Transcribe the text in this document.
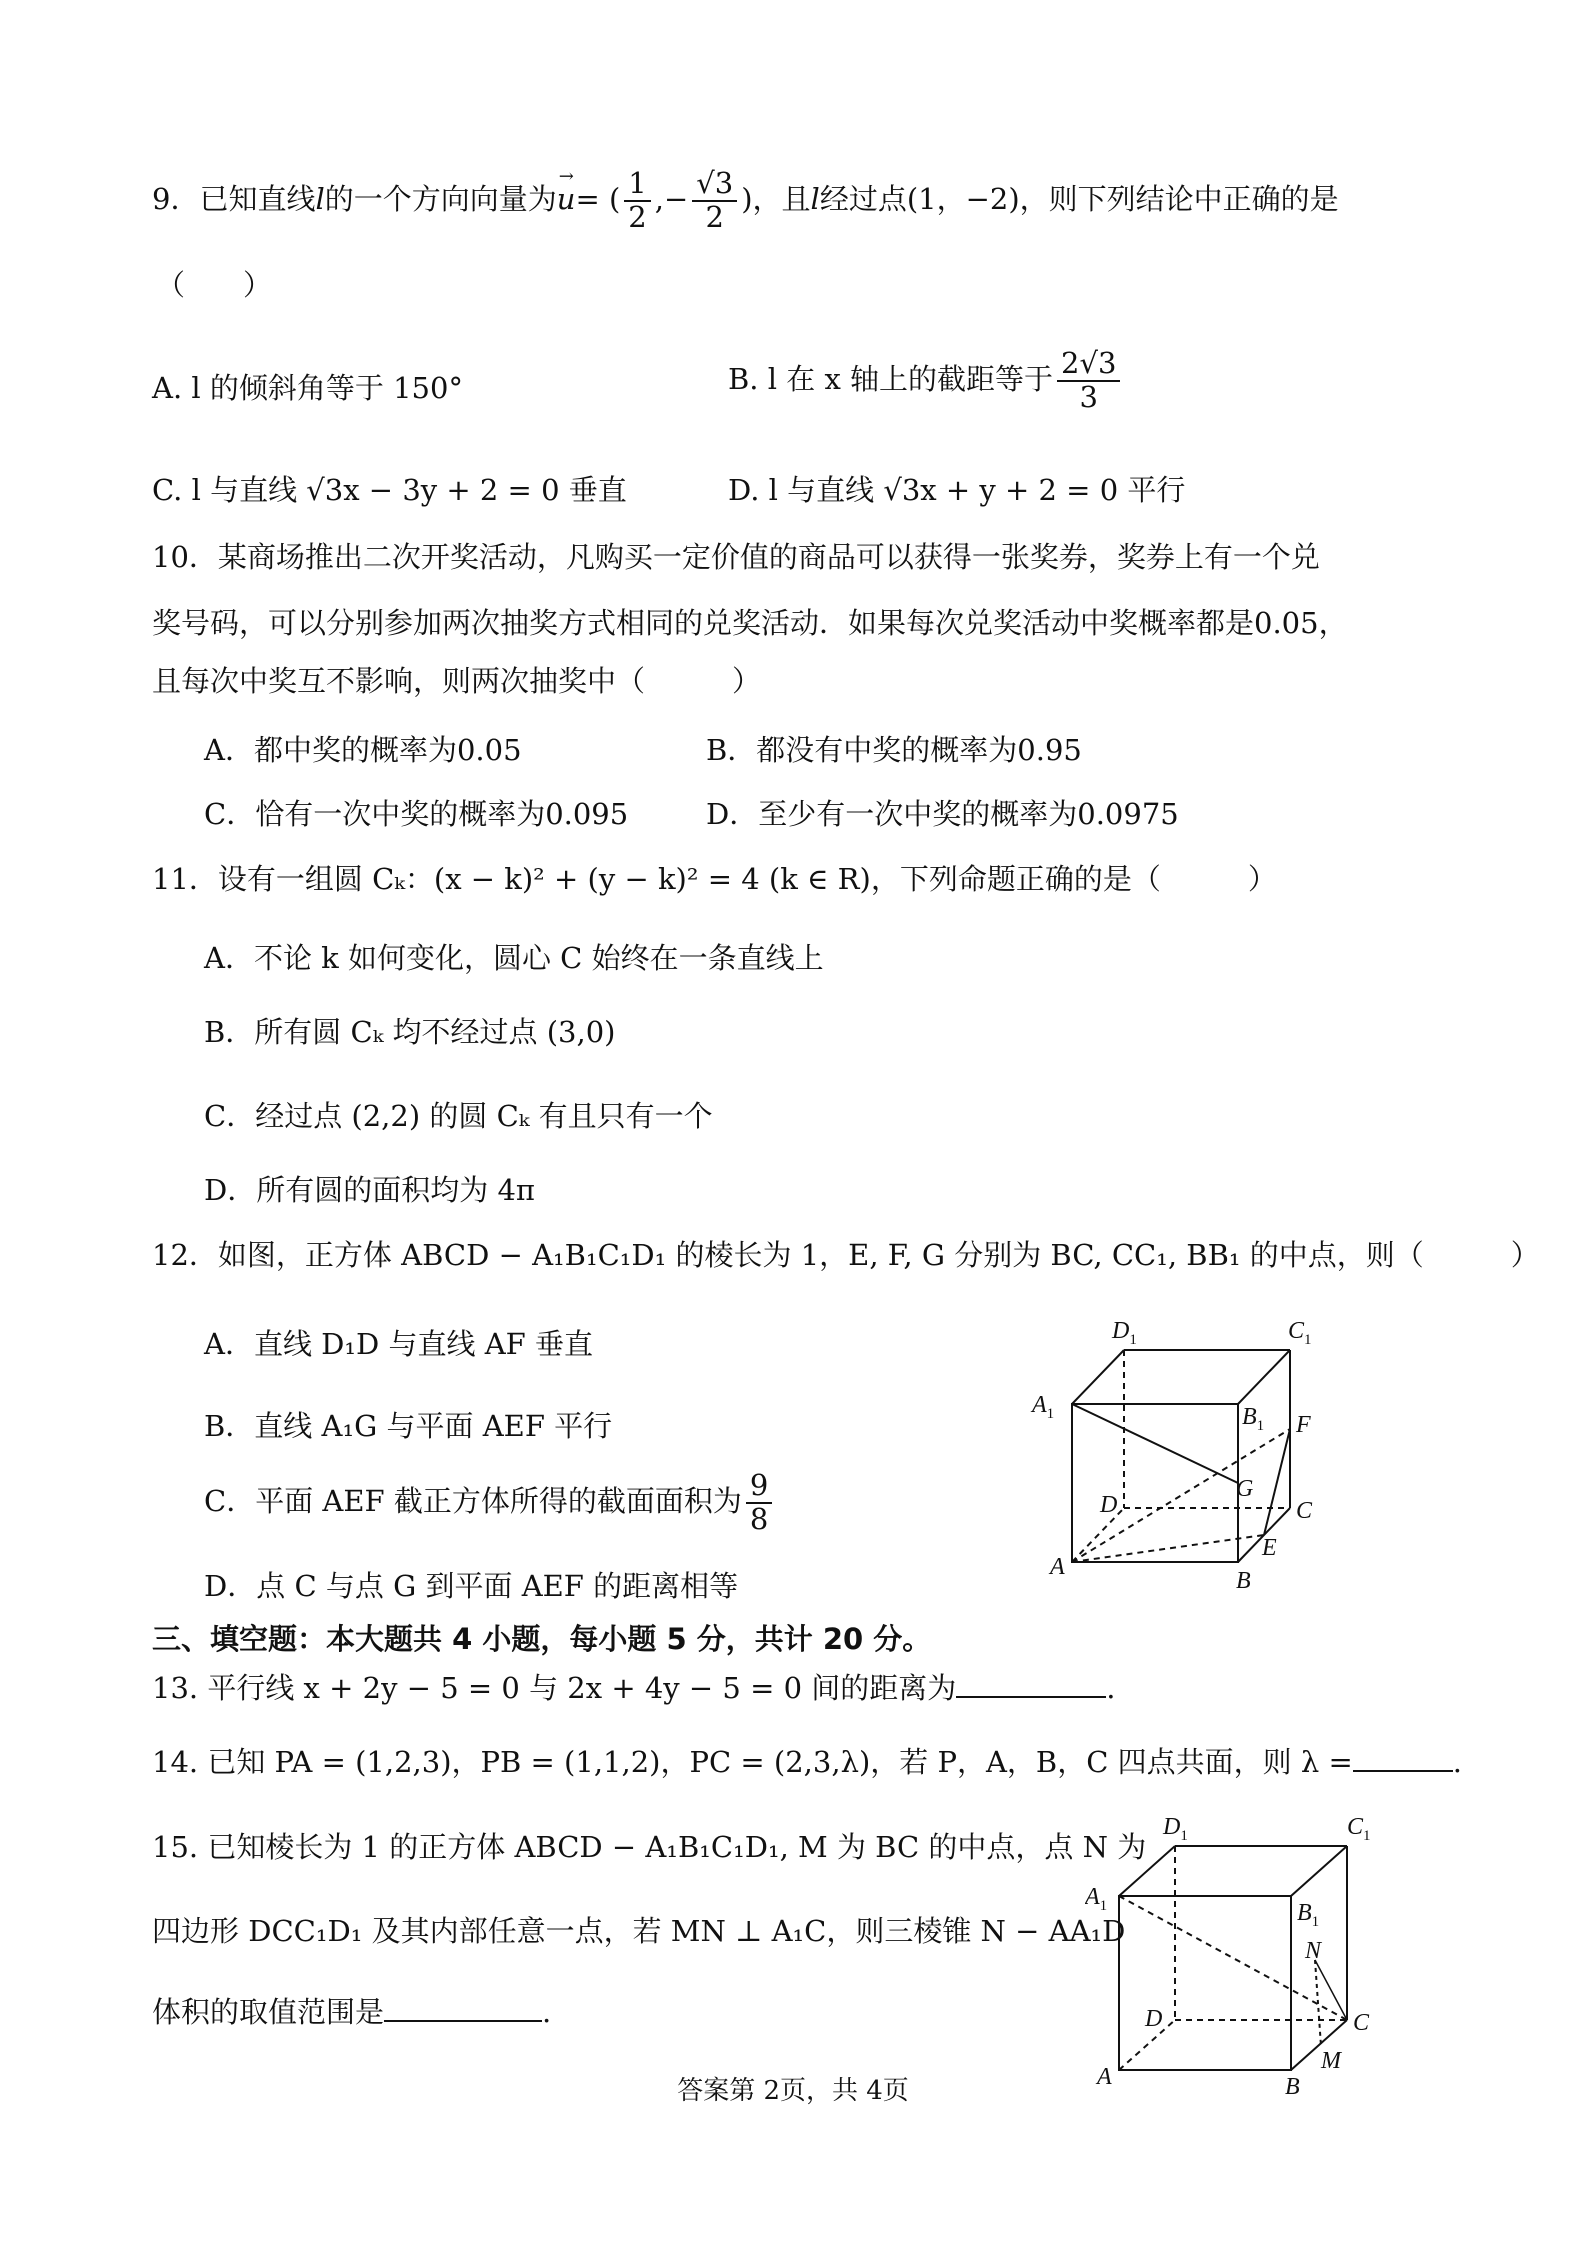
9．已知直线l的一个方向向量为u
→
= ( $\frac{1}{2}$ ,− $\frac{√3}{2}$ )，且l经过点(1，−2)，则下列结论中正确的是
（　　）
A. l 的倾斜角等于 150°	B. l 在 x 轴上的截距等于 $\frac{2√3}{3}$
C. l 与直线 √3x − 3y + 2 = 0 垂直	D. l 与直线 √3x + y + 2 = 0 平行
10．某商场推出二次开奖活动，凡购买一定价值的商品可以获得一张奖券，奖券上有一个兑
奖号码，可以分别参加两次抽奖方式相同的兑奖活动．如果每次兑奖活动中奖概率都是0.05，
且每次中奖互不影响，则两次抽奖中（　　　）
A．都中奖的概率为0.05	B．都没有中奖的概率为0.95
C．恰有一次中奖的概率为0.095	D．至少有一次中奖的概率为0.0975
11．设有一组圆 Cₖ：(x − k)² + (y − k)² = 4 (k ∈ R)，下列命题正确的是（　　　）
A．不论 k 如何变化，圆心 C 始终在一条直线上
B．所有圆 Cₖ 均不经过点 (3,0)
C．经过点 (2,2) 的圆 Cₖ 有且只有一个
D．所有圆的面积均为 4π
12．如图，正方体 ABCD − A₁B₁C₁D₁ 的棱长为 1，E, F, G 分别为 BC, CC₁, BB₁ 的中点，则（　　　）
A．直线 D₁D 与直线 AF 垂直
B．直线 A₁G 与平面 AEF 平行
C．平面 AEF 截正方体所得的截面面积为 $\frac{9}{8}$
D．点 C 与点 G 到平面 AEF 的距离相等
$D_1$	$C_1$
$A_1$	$B_1$ F
G
D	C
A
E
B
三、填空题：本大题共 4 小题，每小题 5 分，共计 20 分。
13. 平行线 x + 2y − 5 = 0 与 2x + 4y − 5 = 0 间的距离为	.
14. 已知 PA = (1,2,3)，PB = (1,1,2)，PC = (2,3,λ)，若 P，A，B，C 四点共面，则 λ =	.
15. 已知棱长为 1 的正方体 ABCD − A₁B₁C₁D₁, M 为 BC 的中点，点 N 为
四边形 DCC₁D₁ 及其内部任意一点，若 MN ⊥ A₁C，则三棱锥 N − AA₁D
体积的取值范围是	.
$D_1$	$C_1$
$A_1$	$B_1$
N
D	C
A
M
B
答案第 2页，共 4页
